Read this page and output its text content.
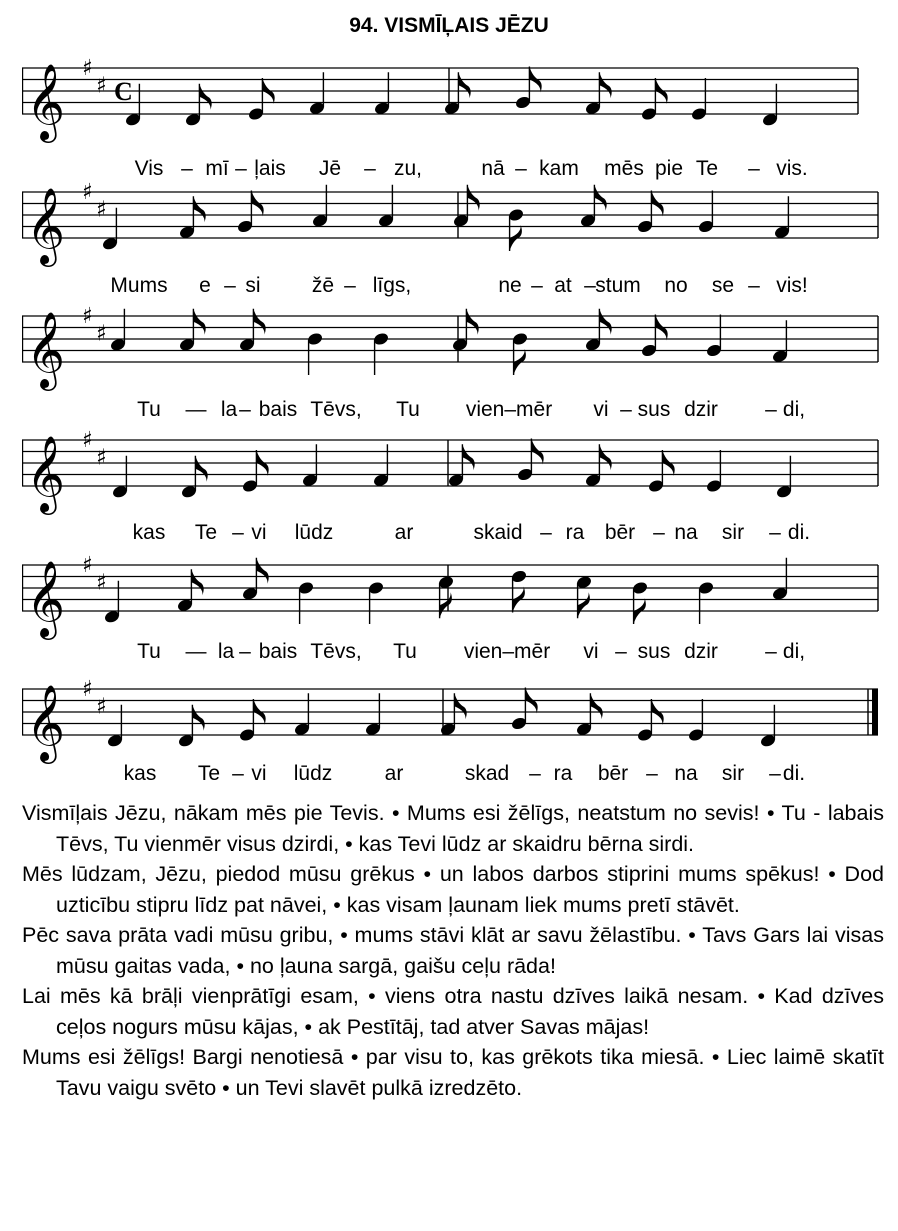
94. VISMĪĻAIS JĒZU
𝄞 ♯
♯ C
𝄞 ♯
♯
𝄞 ♯
♯
𝄞 ♯
♯
𝄞 ♯
♯
𝄞 ♯
♯
Vis – mī – ļais Jē – zu,	nā – kam mēs pie Te – vis.
Mums e – si žē – līgs,	ne – at – stum no se – vis!
Tu — la – bais Tēvs, Tu vien–mēr vi – sus dzir – di,
kas Te – vi lūdz	ar	skaid – ra bēr – na sir – di.
Tu — la – bais Tēvs, Tu vien–mēr vi – sus dzir – di,
kas Te – vi lūdz ar	skad – ra bēr – na sir – di.

Vismīļais Jēzu, nākam mēs pie Tevis. • Mums esi žēlīgs, neatstum no sevis! • Tu - labais Tēvs, Tu vienmēr visus dzirdi, • kas Tevi lūdz ar skaidru bērna sirdi.

Mēs lūdzam, Jēzu, piedod mūsu grēkus • un labos darbos stiprini mums spēkus! • Dod uzticību stipru līdz pat nāvei, • kas visam ļaunam liek mums pretī stāvēt.

Pēc sava prāta vadi mūsu gribu, • mums stāvi klāt ar savu žēlastību. • Tavs Gars lai visas mūsu gaitas vada, • no ļauna sargā, gaišu ceļu rāda!

Lai mēs kā brāļi vienprātīgi esam, • viens otra nastu dzīves laikā nesam. • Kad dzīves ceļos nogurs mūsu kājas, • ak Pestītāj, tad atver Savas mājas!

Mums esi žēlīgs! Bargi nenotiesā • par visu to, kas grēkots tika miesā. • Liec laimē skatīt Tavu vaigu svēto • un Tevi slavēt pulkā izredzēto.
